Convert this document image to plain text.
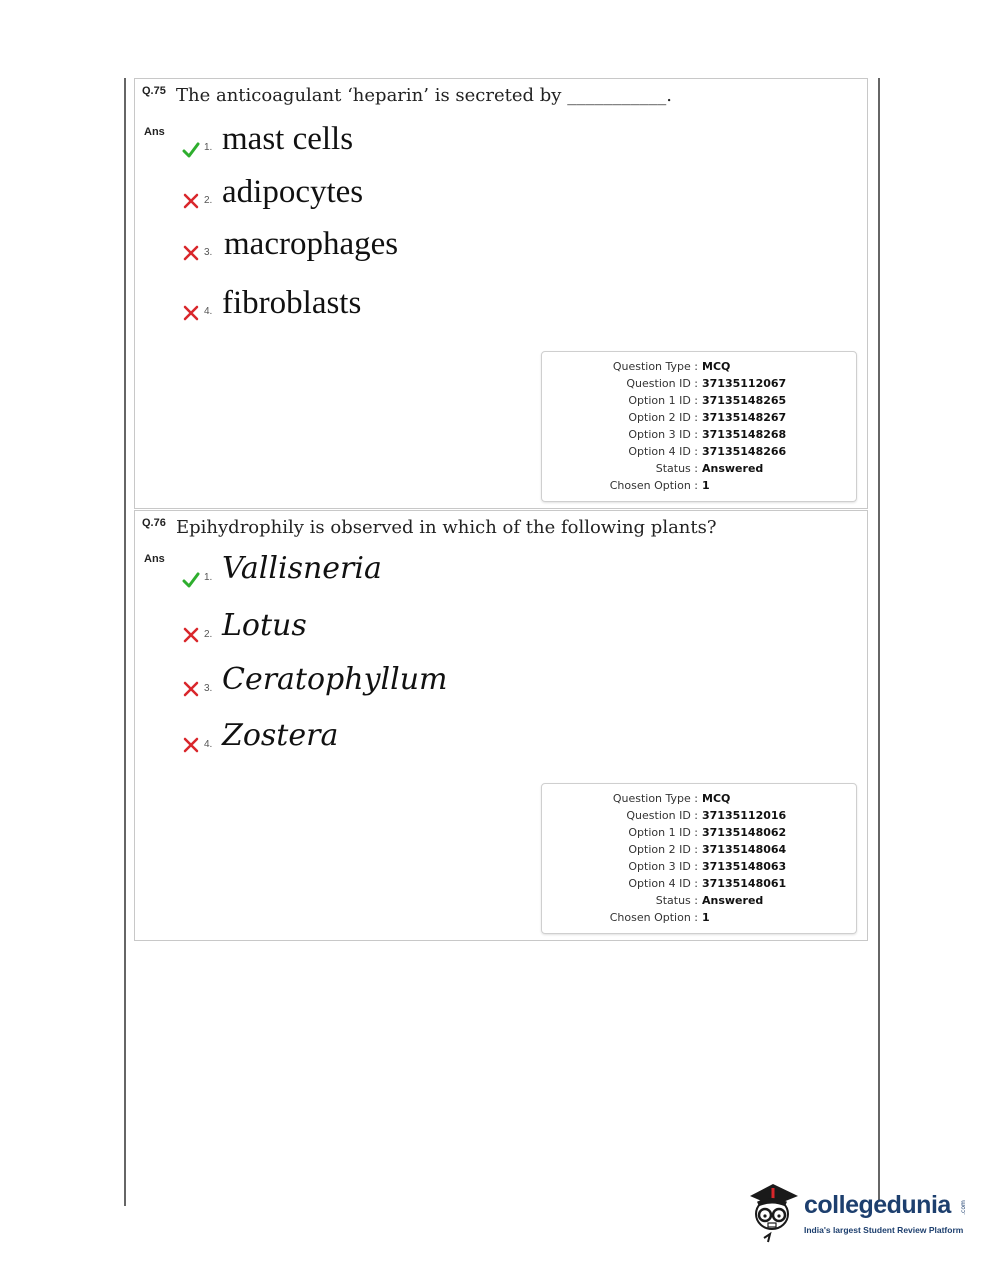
Q.75 The anticoagulant ‘heparin’ is secreted by ___________.
Ans
1. mast cells
2. adipocytes
3. macrophages
4. fibroblasts
Question Type : MCQ
Question ID : 37135112067
Option 1 ID : 37135148265
Option 2 ID : 37135148267
Option 3 ID : 37135148268
Option 4 ID : 37135148266
Status : Answered
Chosen Option : 1
Q.76 Epihydrophily is observed in which of the following plants?
Ans
1. Vallisneria
2. Lotus
3. Ceratophyllum
4. Zostera
Question Type : MCQ
Question ID : 37135112016
Option 1 ID : 37135148062
Option 2 ID : 37135148064
Option 3 ID : 37135148063
Option 4 ID : 37135148061
Status : Answered
Chosen Option : 1
collegedunia .com
India's largest Student Review Platform
